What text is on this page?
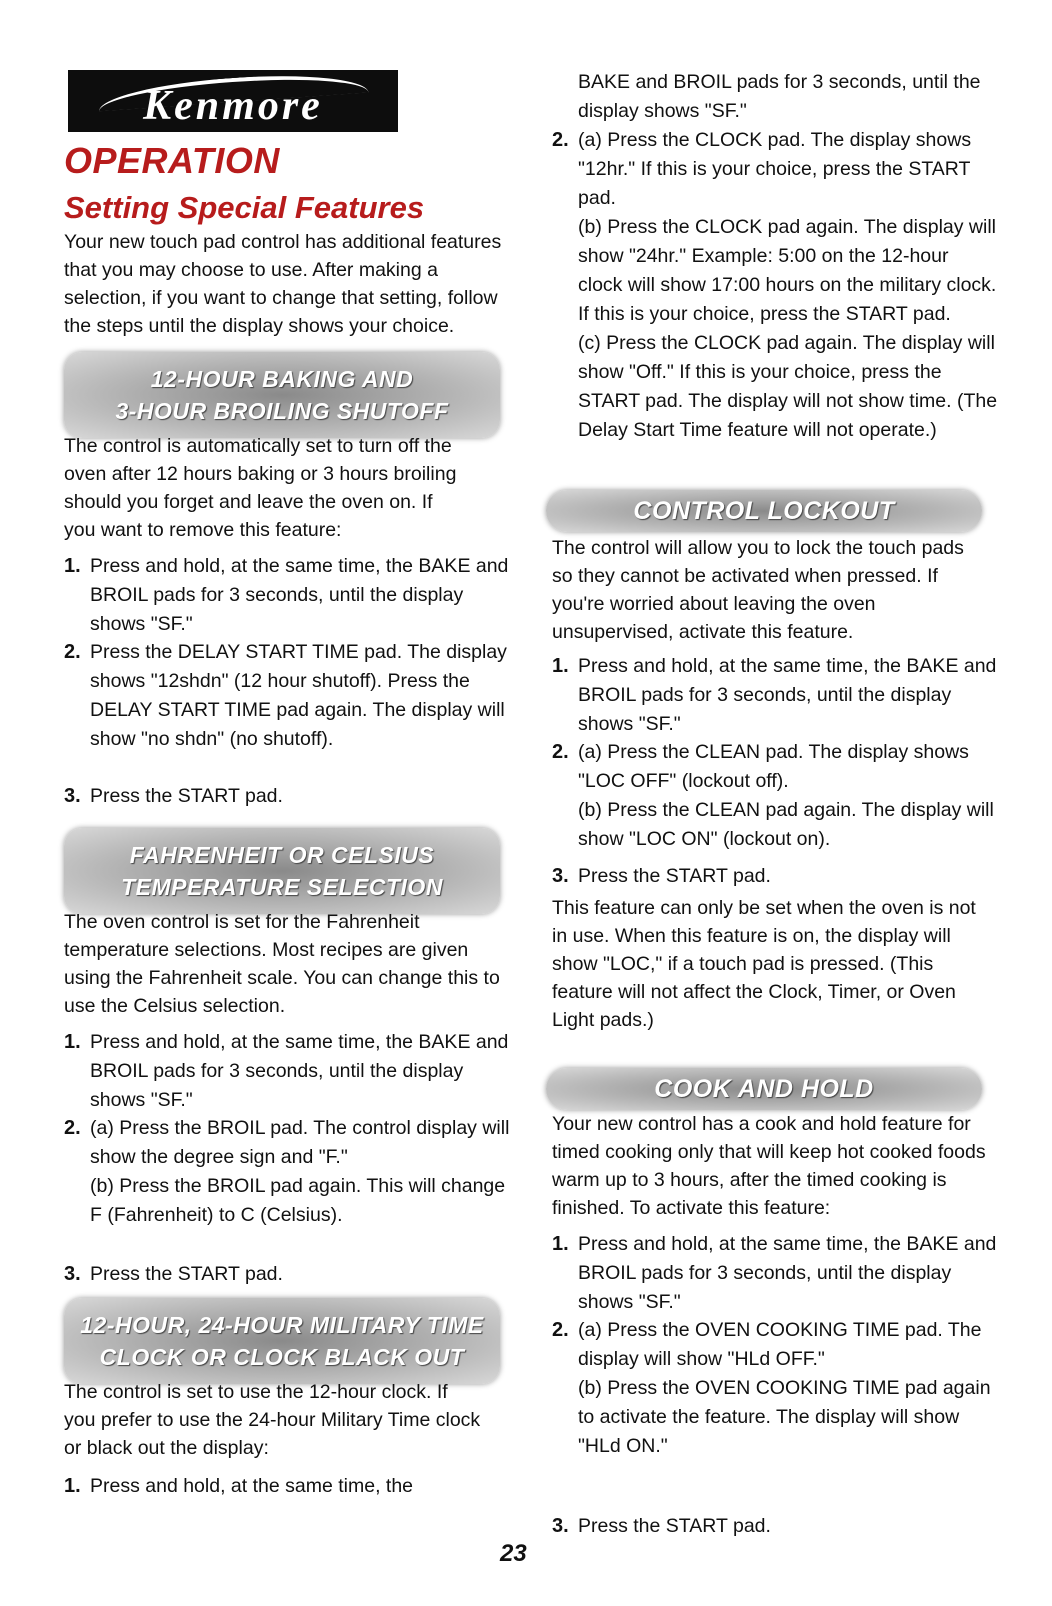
Kenmore
OPERATION
Setting Special Features

Your new touch pad control has additional features that you may choose to use. After making a selection, if you want to change that setting, follow the steps until the display shows your choice.

12-HOUR BAKING AND
3-HOUR BROILING SHUTOFF

The control is automatically set to turn off the oven after 12 hours baking or 3 hours broiling should you forget and leave the oven on. If you want to remove this feature:

1. Press and hold, at the same time, the BAKE and BROIL pads for 3 seconds, until the display shows "SF."
2. Press the DELAY START TIME pad. The display shows "12shdn" (12 hour shutoff). Press the DELAY START TIME pad again. The display will show "no shdn" (no shutoff).
3. Press the START pad.
FAHRENHEIT OR CELSIUS
TEMPERATURE SELECTION

The oven control is set for the Fahrenheit temperature selections. Most recipes are given using the Fahrenheit scale. You can change this to use the Celsius selection.

1. Press and hold, at the same time, the BAKE and BROIL pads for 3 seconds, until the display shows "SF."
2. (a) Press the BROIL pad. The control display will show the degree sign and "F."
(b) Press the BROIL pad again. This will change F (Fahrenheit) to C (Celsius).
3. Press the START pad.
12-HOUR, 24-HOUR MILITARY TIME
CLOCK OR CLOCK BLACK OUT

The control is set to use the 12-hour clock. If you prefer to use the 24-hour Military Time clock or black out the display:

1. Press and hold, at the same time, the
BAKE and BROIL pads for 3 seconds, until the display shows "SF."
2. (a) Press the CLOCK pad. The display shows "12hr." If this is your choice, press the START pad.
(b) Press the CLOCK pad again. The display will show "24hr." Example: 5:00 on the 12-hour clock will show 17:00 hours on the military clock. If this is your choice, press the START pad.
(c) Press the CLOCK pad again. The display will show "Off." If this is your choice, press the START pad. The display will not show time. (The Delay Start Time feature will not operate.)
CONTROL LOCKOUT

The control will allow you to lock the touch pads so they cannot be activated when pressed. If you're worried about leaving the oven unsupervised, activate this feature.

1. Press and hold, at the same time, the BAKE and BROIL pads for 3 seconds, until the display shows "SF."
2. (a) Press the CLEAN pad. The display shows "LOC OFF" (lockout off).
(b) Press the CLEAN pad again. The display will show "LOC ON" (lockout on).
3. Press the START pad.

This feature can only be set when the oven is not in use. When this feature is on, the display will show "LOC," if a touch pad is pressed. (This feature will not affect the Clock, Timer, or Oven Light pads.)

COOK AND HOLD

Your new control has a cook and hold feature for timed cooking only that will keep hot cooked foods warm up to 3 hours, after the timed cooking is finished. To activate this feature:

1. Press and hold, at the same time, the BAKE and BROIL pads for 3 seconds, until the display shows "SF."
2. (a) Press the OVEN COOKING TIME pad. The display will show "HLd OFF."
(b) Press the OVEN COOKING TIME pad again to activate the feature. The display will show "HLd ON."
3. Press the START pad.
23
